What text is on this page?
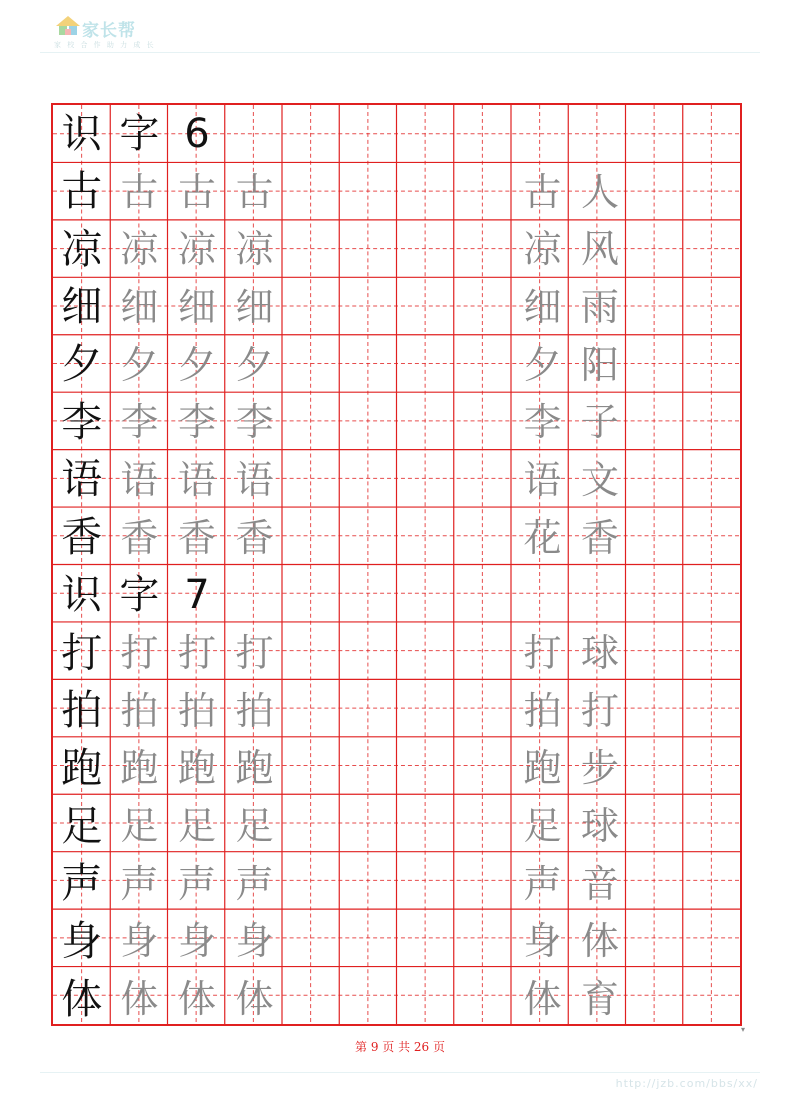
家长帮
家 校 合 作 助 力 成 长
识 字 6
古 古 古 古	古 人
凉 凉 凉 凉	凉 风
细 细 细 细	细 雨
夕 夕 夕 夕	夕 阳
李 李 李 李	李 子
语 语 语 语	语 文
香 香 香 香	花 香
识 字 7
打 打 打 打	打 球
拍 拍 拍 拍	拍 打
跑 跑 跑 跑	跑 步
足 足 足 足	足 球
声 声 声 声	声 音
身 身 身 身	身 体
体 体 体 体	体 育
▾
第 9 页 共 26 页
http://jzb.com/bbs/xx/
